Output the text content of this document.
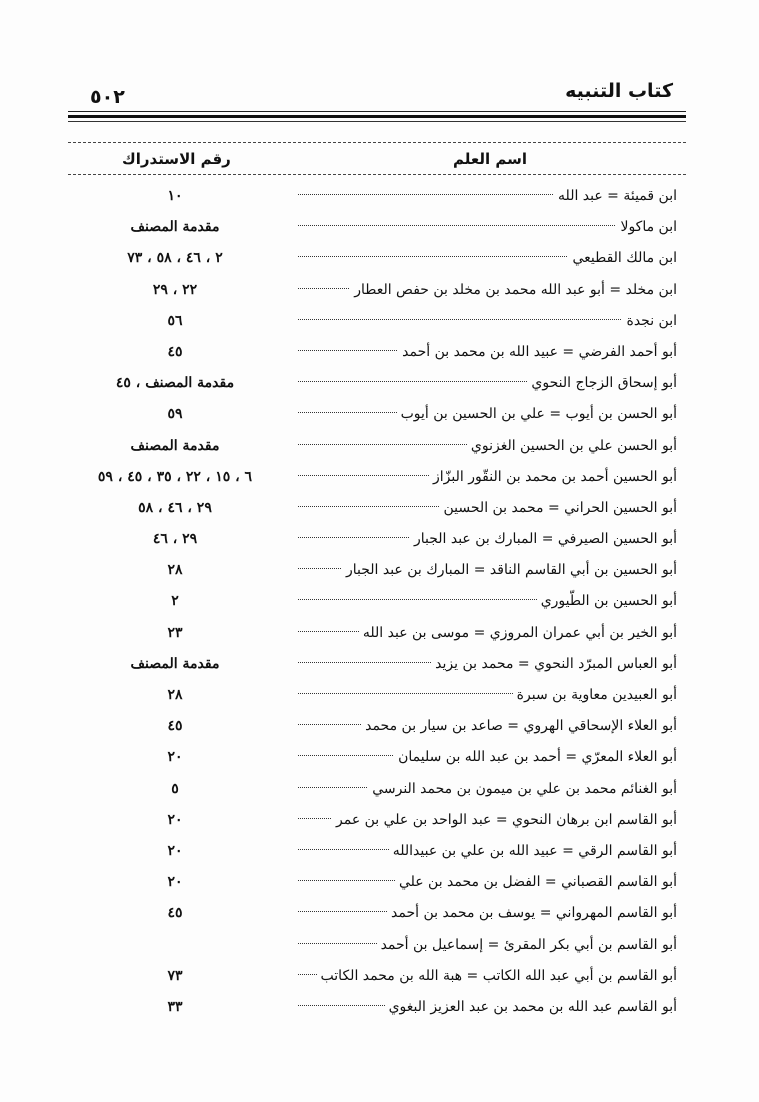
٥٠٢	كتاب التنبيه
اسم العلم
رقم الاستدراك
ابن قميئة = عبد الله
١٠
ابن ماكولا
مقدمة المصنف
ابن مالك القطيعي
٢ ، ٤٦ ، ٥٨ ، ٧٣
ابن مخلد = أبو عبد الله محمد بن مخلد بن حفص العطار
٢٢ ، ٢٩
ابن نجدة
٥٦
أبو أحمد الفرضي = عبيد الله بن محمد بن أحمد
٤٥
أبو إسحاق الزجاج النحوي
مقدمة المصنف ، ٤٥
أبو الحسن بن أيوب = علي بن الحسين بن أيوب
٥٩
أبو الحسن علي بن الحسين الغزنوي
مقدمة المصنف
أبو الحسين أحمد بن محمد بن النقّور البزّاز
٦ ، ١٥ ، ٢٢ ، ٣٥ ، ٤٥ ، ٥٩
أبو الحسين الحراني = محمد بن الحسين
٢٩ ، ٤٦ ، ٥٨
أبو الحسين الصيرفي = المبارك بن عبد الجبار
٢٩ ، ٤٦
أبو الحسين بن أبي القاسم الناقد = المبارك بن عبد الجبار
٢٨
أبو الحسين بن الطّيوري
٢
أبو الخير بن أبي عمران المروزي = موسى بن عبد الله
٢٣
أبو العباس المبرّد النحوي = محمد بن يزيد
مقدمة المصنف
أبو العبيدين معاوية بن سبرة
٢٨
أبو العلاء الإسحاقي الهروي = صاعد بن سيار بن محمد
٤٥
أبو العلاء المعرّي = أحمد بن عبد الله بن سليمان
٢٠
أبو الغنائم محمد بن علي بن ميمون بن محمد النرسي
٥
أبو القاسم ابن برهان النحوي = عبد الواحد بن علي بن عمر
٢٠
أبو القاسم الرقي = عبيد الله بن علي بن عبيدالله
٢٠
أبو القاسم القصباني = الفضل بن محمد بن علي
٢٠
أبو القاسم المهرواني = يوسف بن محمد بن أحمد
٤٥
أبو القاسم بن أبي بكر المقرئ = إسماعيل بن أحمد
أبو القاسم بن أبي عبد الله الكاتب = هبة الله بن محمد الكاتب
٧٣
أبو القاسم عبد الله بن محمد بن عبد العزيز البغوي
٣٣
